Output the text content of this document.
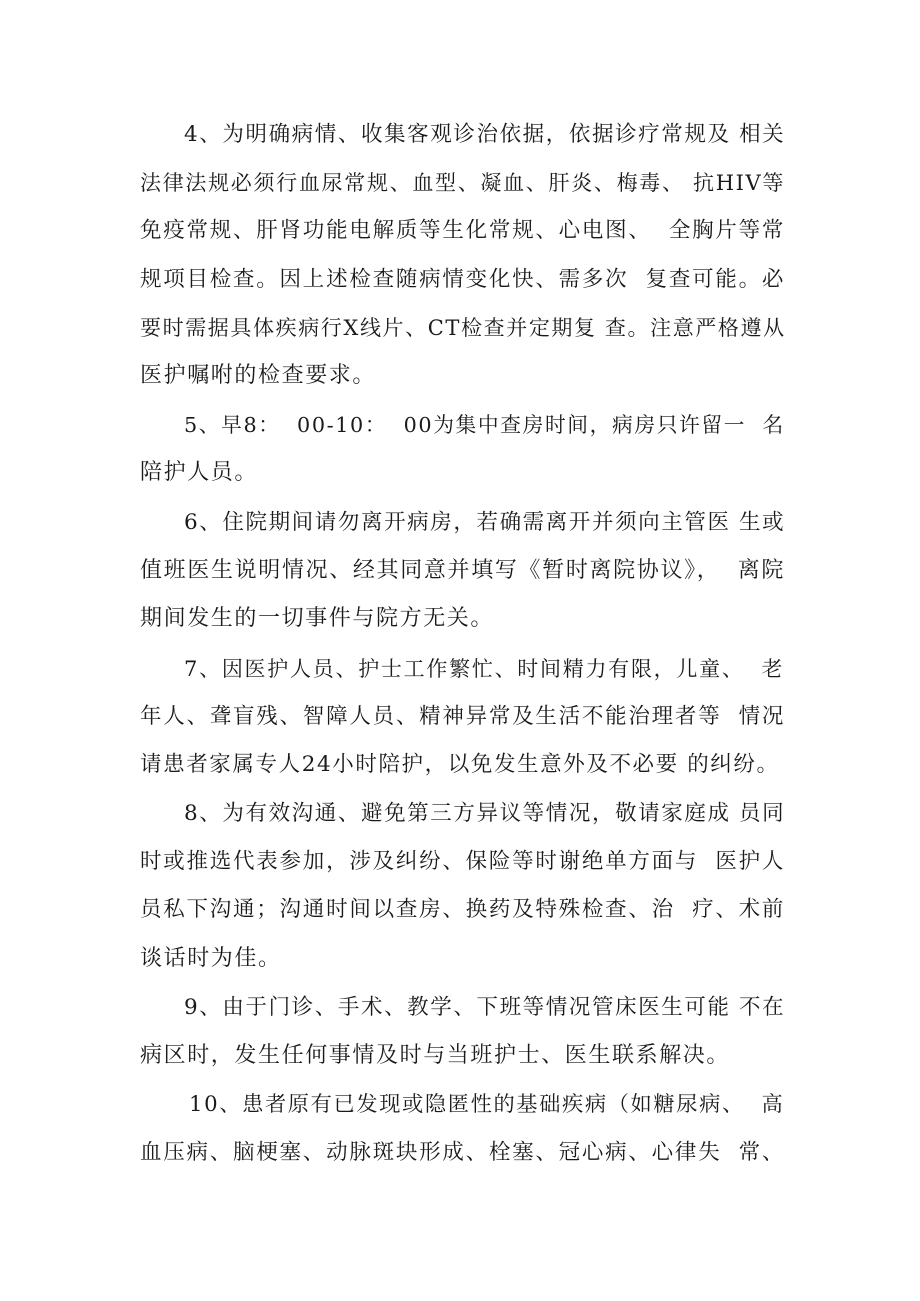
4、为明确病情、收集客观诊治依据，依据诊疗常规及 相关
法律法规必须行血尿常规、血型、凝血、肝炎、梅毒、 抗HIV等
免疫常规、肝肾功能电解质等生化常规、心电图、  全胸片等常
规项目检查。因上述检查随病情变化快、需多次  复查可能。必
要时需据具体疾病行X线片、CT检查并定期复 查。注意严格遵从
医护嘱咐的检查要求。
5、早8：  00-10：  00为集中查房时间，病房只许留一  名
陪护人员。
6、住院期间请勿离开病房，若确需离开并须向主管医 生或
值班医生说明情况、经其同意并填写《暂时离院协议》，  离院
期间发生的一切事件与院方无关。
7、因医护人员、护士工作繁忙、时间精力有限，儿童、  老
年人、聋盲残、智障人员、精神异常及生活不能治理者等  情况
请患者家属专人24小时陪护，以免发生意外及不必要 的纠纷。
8、为有效沟通、避免第三方异议等情况，敬请家庭成 员同
时或推选代表参加，涉及纠纷、保险等时谢绝单方面与  医护人
员私下沟通；沟通时间以查房、换药及特殊检查、治  疗、术前
谈话时为佳。
9、由于门诊、手术、教学、下班等情况管床医生可能 不在
病区时，发生任何事情及时与当班护士、医生联系解决。
10、患者原有已发现或隐匿性的基础疾病（如糖尿病、  高
血压病、脑梗塞、动脉斑块形成、栓塞、冠心病、心律失  常、
